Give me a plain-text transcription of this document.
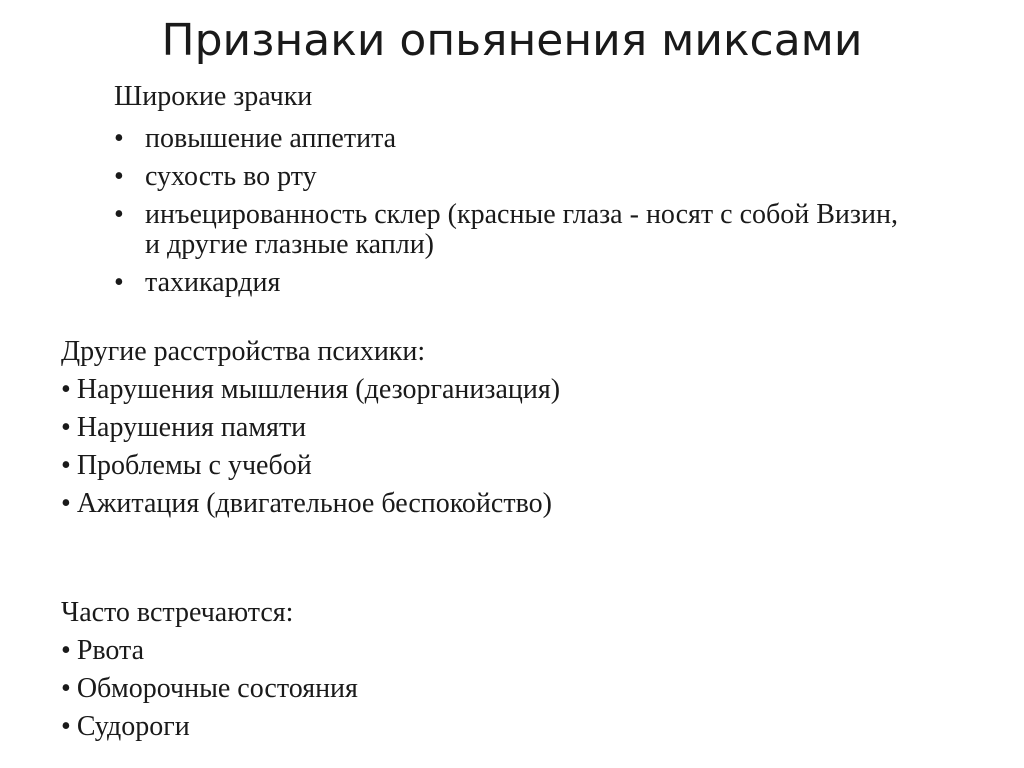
Признаки опьянения миксами

Широкие зрачки

• повышение аппетита
• сухость во рту
• инъецированность склер (красные глаза - носят с собой Визин, и другие глазные капли)
• тахикардия

Другие расстройства психики:

• Нарушения мышления (дезорганизация)
• Нарушения памяти
• Проблемы с учебой
• Ажитация (двигательное беспокойство)

Часто встречаются:

• Рвота
• Обморочные состояния
• Судороги
